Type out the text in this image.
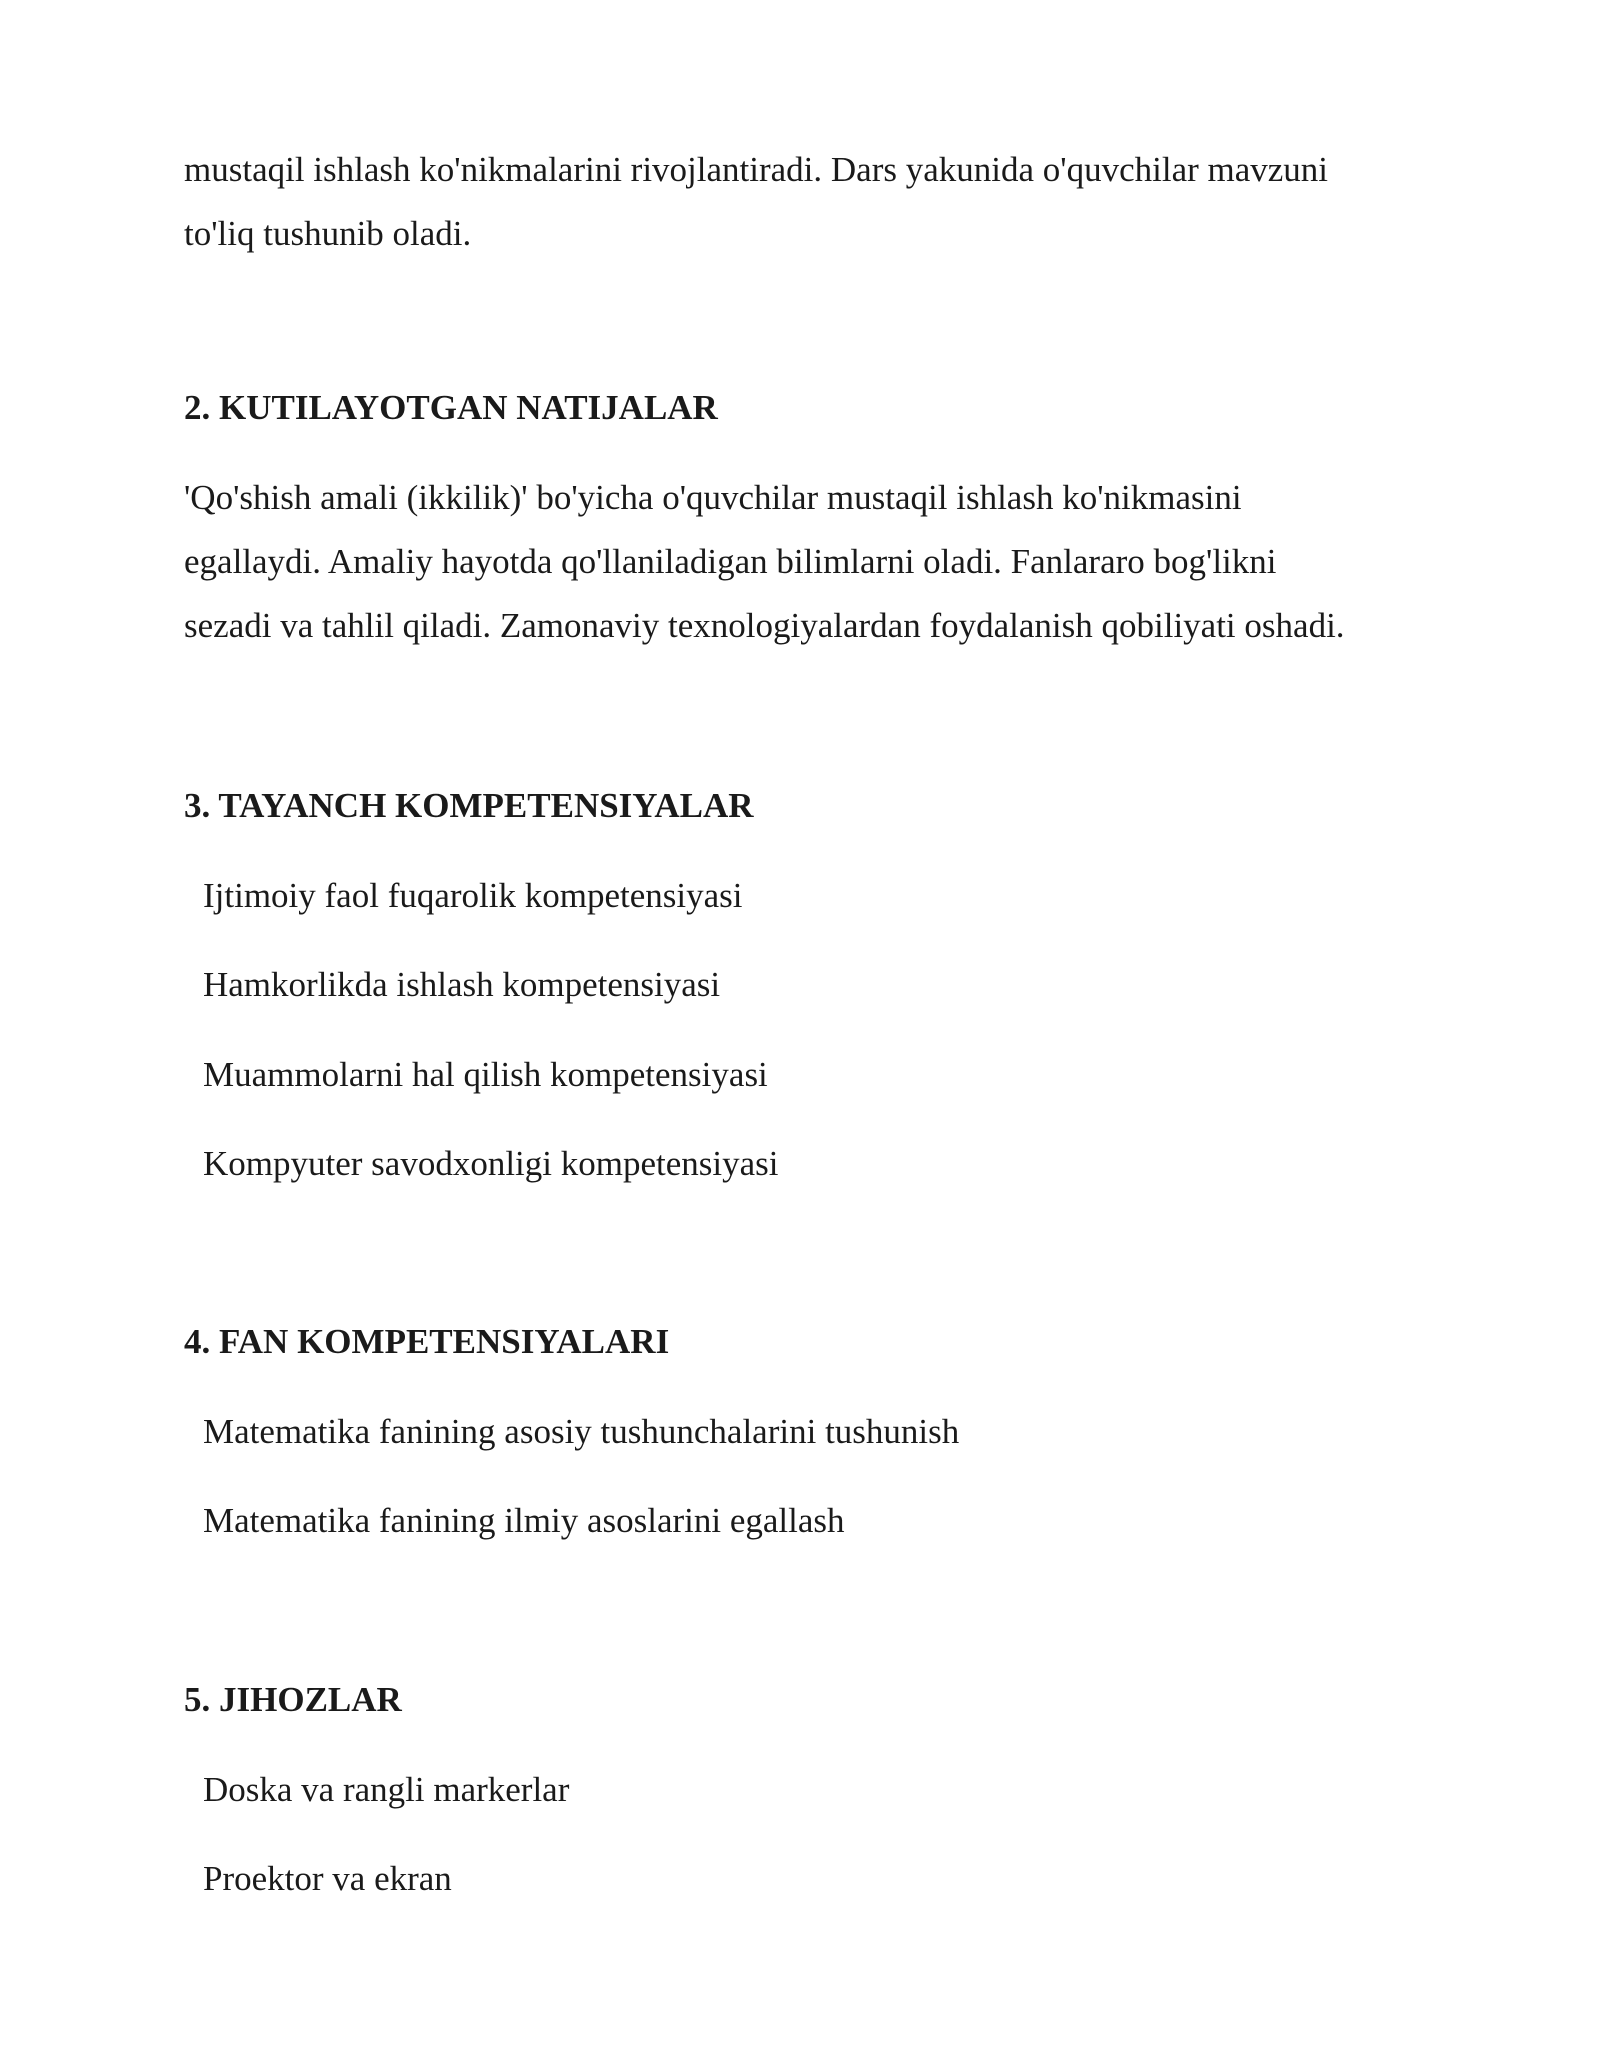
mustaqil ishlash ko'nikmalarini rivojlantiradi. Dars yakunida o'quvchilar mavzuni

to'liq tushunib oladi.

2. KUTILAYOTGAN NATIJALAR

'Qo'shish amali (ikkilik)' bo'yicha o'quvchilar mustaqil ishlash ko'nikmasini

egallaydi. Amaliy hayotda qo'llaniladigan bilimlarni oladi. Fanlararo bog'likni

sezadi va tahlil qiladi. Zamonaviy texnologiyalardan foydalanish qobiliyati oshadi.

3. TAYANCH KOMPETENSIYALAR

Ijtimoiy faol fuqarolik kompetensiyasi

Hamkorlikda ishlash kompetensiyasi

Muammolarni hal qilish kompetensiyasi

Kompyuter savodxonligi kompetensiyasi

4. FAN KOMPETENSIYALARI

Matematika fanining asosiy tushunchalarini tushunish

Matematika fanining ilmiy asoslarini egallash

5. JIHOZLAR

Doska va rangli markerlar

Proektor va ekran
